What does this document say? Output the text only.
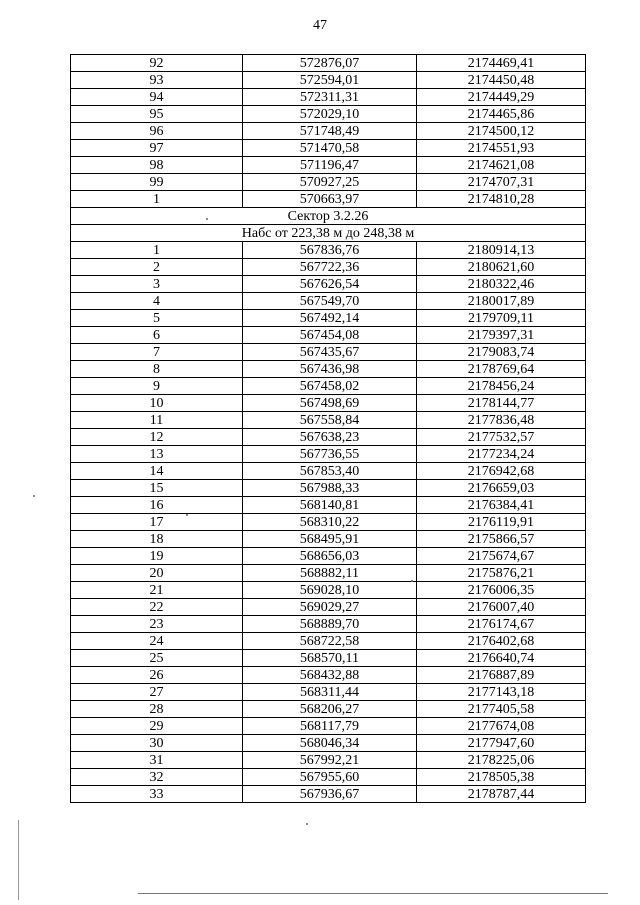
47
92	572876,07	2174469,41
93	572594,01	2174450,48
94	572311,31	2174449,29
95	572029,10	2174465,86
96	571748,49	2174500,12
97	571470,58	2174551,93
98	571196,47	2174621,08
99	570927,25	2174707,31
1	570663,97	2174810,28
Сектор 3.2.26		
Набс от 223,38 м до 248,38 м		
1	567836,76	2180914,13
2	567722,36	2180621,60
3	567626,54	2180322,46
4	567549,70	2180017,89
5	567492,14	2179709,11
6	567454,08	2179397,31
7	567435,67	2179083,74
8	567436,98	2178769,64
9	567458,02	2178456,24
10	567498,69	2178144,77
11	567558,84	2177836,48
12	567638,23	2177532,57
13	567736,55	2177234,24
14	567853,40	2176942,68
15	567988,33	2176659,03
16	568140,81	2176384,41
17	568310,22	2176119,91
18	568495,91	2175866,57
19	568656,03	2175674,67
20	568882,11	2175876,21
21	569028,10	2176006,35
22	569029,27	2176007,40
23	568889,70	2176174,67
24	568722,58	2176402,68
25	568570,11	2176640,74
26	568432,88	2176887,89
27	568311,44	2177143,18
28	568206,27	2177405,58
29	568117,79	2177674,08
30	568046,34	2177947,60
31	567992,21	2178225,06
32	567955,60	2178505,38
33	567936,67	2178787,44
